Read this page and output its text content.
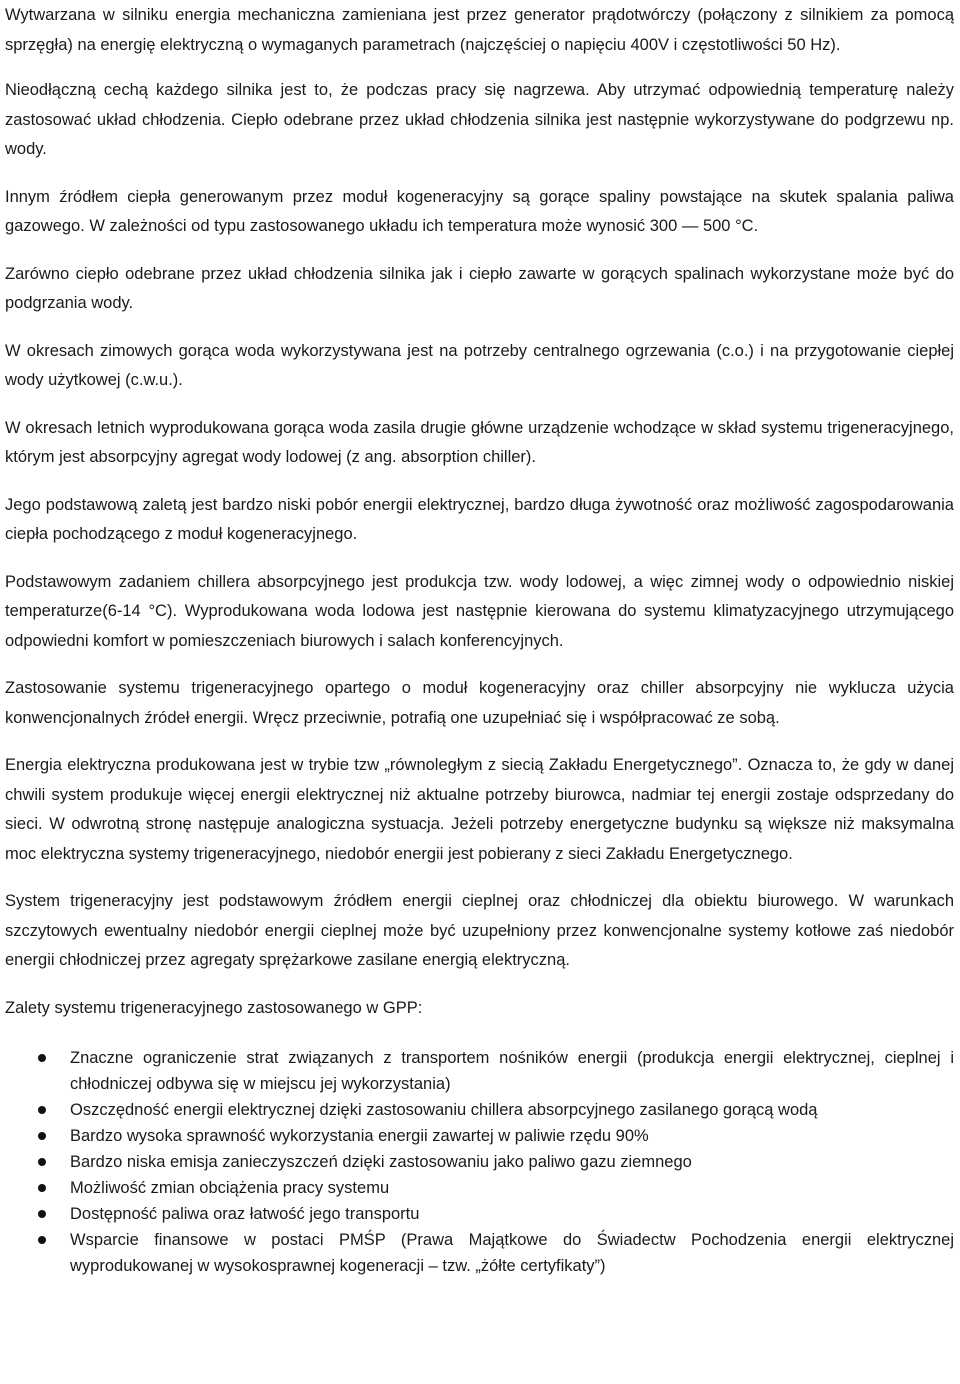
Wytwarzana w silniku energia mechaniczna zamieniana jest przez generator prądotwórczy (połączony z silnikiem za pomocą sprzęgła) na energię elektryczną o wymaganych parametrach (najczęściej o napięciu 400V i częstotliwości 50 Hz).

Nieodłączną cechą każdego silnika jest to, że podczas pracy się nagrzewa. Aby utrzymać odpowiednią temperaturę należy zastosować układ chłodzenia. Ciepło odebrane przez układ chłodzenia silnika jest następnie wykorzystywane do podgrzewu np. wody.

Innym źródłem ciepła generowanym przez moduł kogeneracyjny są gorące spaliny powstające na skutek spalania paliwa gazowego. W zależności od typu zastosowanego układu ich temperatura może wynosić 300 — 500 °C.

Zarówno ciepło odebrane przez układ chłodzenia silnika jak i ciepło zawarte w gorących spalinach wykorzystane może być do podgrzania wody.

W okresach zimowych gorąca woda wykorzystywana jest na potrzeby centralnego ogrzewania (c.o.) i na przygotowanie ciepłej wody użytkowej (c.w.u.).

W okresach letnich wyprodukowana gorąca woda zasila drugie główne urządzenie wchodzące w skład systemu trigeneracyjnego, którym jest absorpcyjny agregat wody lodowej (z ang. absorption chiller).

Jego podstawową zaletą jest bardzo niski pobór energii elektrycznej, bardzo długa żywotność oraz możliwość zagospodarowania ciepła pochodzącego z moduł kogeneracyjnego.

Podstawowym zadaniem chillera absorpcyjnego jest produkcja tzw. wody lodowej, a więc zimnej wody o odpowiednio niskiej temperaturze(6-14 °C). Wyprodukowana woda lodowa jest następnie kierowana do systemu klimatyzacyjnego utrzymującego odpowiedni komfort w pomieszczeniach biurowych i salach konferencyjnych.

Zastosowanie systemu trigeneracyjnego opartego o moduł kogeneracyjny oraz chiller absorpcyjny nie wyklucza użycia konwencjonalnych źródeł energii. Wręcz przeciwnie, potrafią one uzupełniać się i współpracować ze sobą.

Energia elektryczna produkowana jest w trybie tzw „równoległym z siecią Zakładu Energetycznego”. Oznacza to, że gdy w danej chwili system produkuje więcej energii elektrycznej niż aktualne potrzeby biurowca, nadmiar tej energii zostaje odsprzedany do sieci. W odwrotną stronę następuje analogiczna systuacja. Jeżeli potrzeby energetyczne budynku są większe niż maksymalna moc elektryczna systemy trigeneracyjnego, niedobór energii jest pobierany z sieci Zakładu Energetycznego.

System trigeneracyjny jest podstawowym źródłem energii cieplnej oraz chłodniczej dla obiektu biurowego. W warunkach szczytowych ewentualny niedobór energii cieplnej może być uzupełniony przez konwencjonalne systemy kotłowe zaś niedobór energii chłodniczej przez agregaty sprężarkowe zasilane energią elektryczną.

Zalety systemu trigeneracyjnego zastosowanego w GPP:

Znaczne ograniczenie strat związanych z transportem nośników energii (produkcja energii elektrycznej, cieplnej i chłodniczej odbywa się w miejscu jej wykorzystania)
Oszczędność energii elektrycznej dzięki zastosowaniu chillera absorpcyjnego zasilanego gorącą wodą
Bardzo wysoka sprawność wykorzystania energii zawartej w paliwie rzędu 90%
Bardzo niska emisja zanieczyszczeń dzięki zastosowaniu jako paliwo gazu ziemnego
Możliwość zmian obciążenia pracy systemu
Dostępność paliwa oraz łatwość jego transportu
Wsparcie finansowe w postaci PMŚP (Prawa Majątkowe do Świadectw Pochodzenia energii elektrycznej wyprodukowanej w wysokosprawnej kogeneracji – tzw. „żółte certyfikaty”)
